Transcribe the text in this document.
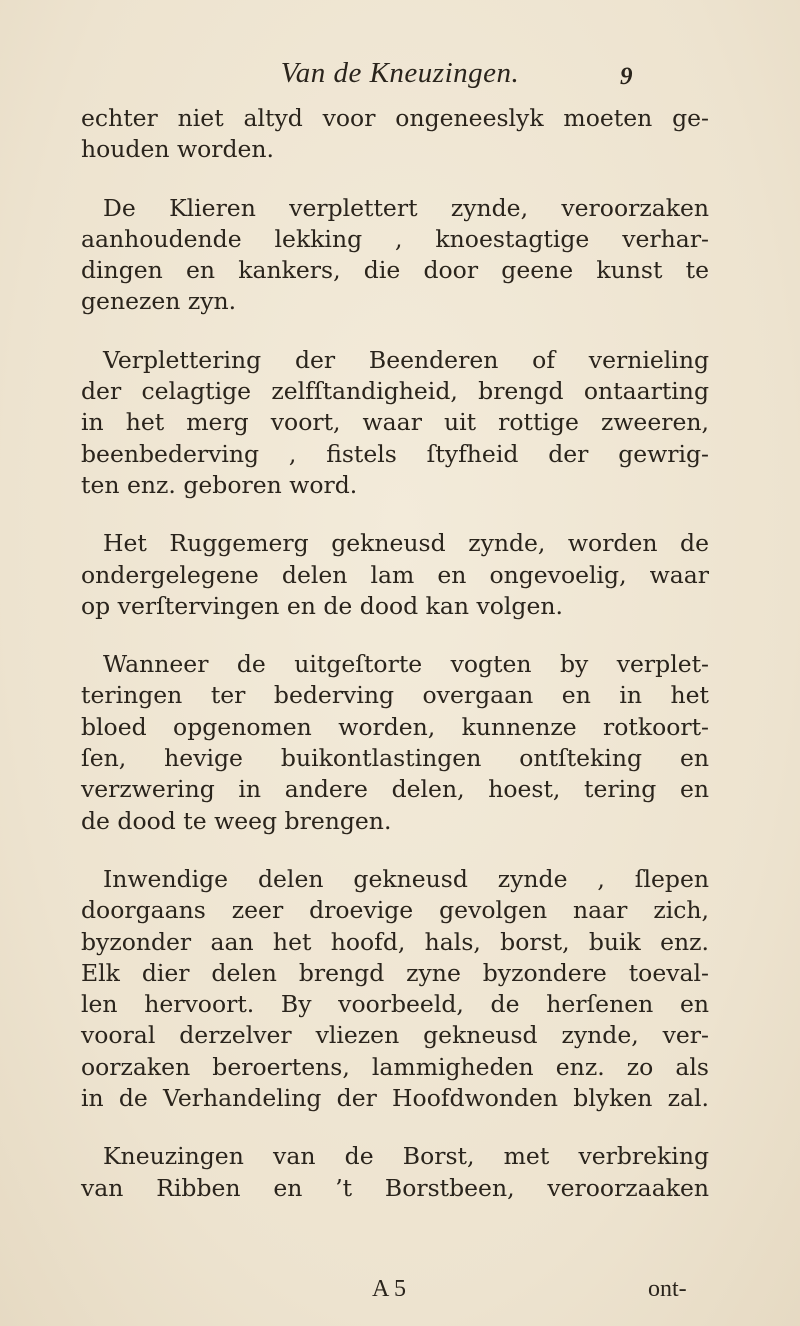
Van de Kneuzingen.	9
echter niet altyd voor ongeneeslyk moeten ge-
houden worden.
De Klieren verplettert zynde, veroorzaken
aanhoudende lekking , knoestagtige verhar-
dingen en kankers, die door geene kunst te
genezen zyn.
Verplettering der Beenderen of vernieling
der celagtige zelfſtandigheid, brengd ontaarting
in het merg voort, waar uit rottige zweeren,
beenbederving , fistels ſtyfheid der gewrig-
ten enz. geboren word.
Het Ruggemerg gekneusd zynde, worden de
ondergelegene delen lam en ongevoelig, waar
op verſtervingen en de dood kan volgen.
Wanneer de uitgeſtorte vogten by verplet-
teringen ter bederving overgaan en in het
bloed opgenomen worden, kunnenze rotkoort-
ſen, hevige buikontlastingen ontſteking en
verzwering in andere delen, hoest, tering en
de dood te weeg brengen.
Inwendige delen gekneusd zynde , ſlepen
doorgaans zeer droevige gevolgen naar zich,
byzonder aan het hoofd, hals, borst, buik enz.
Elk dier delen brengd zyne byzondere toeval-
len hervoort. By voorbeeld, de herſenen en
vooral derzelver vliezen gekneusd zynde, ver-
oorzaken beroertens, lammigheden enz. zo als
in de Verhandeling der Hoofdwonden blyken zal.
Kneuzingen van de Borst, met verbreking
van Ribben en ’t Borstbeen, veroorzaaken
A 5	ont-
